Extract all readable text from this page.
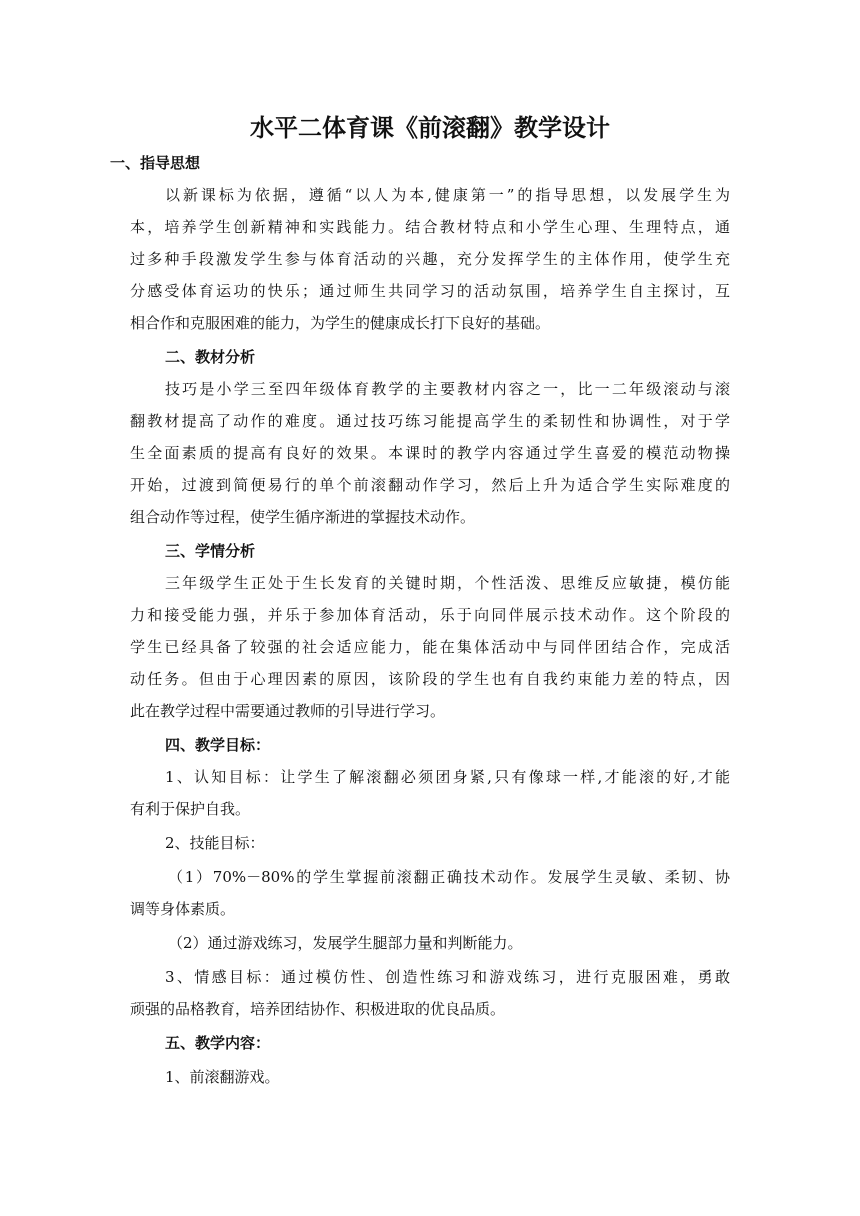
水平二体育课《前滚翻》教学设计
一、指导思想
以新课标为依据，遵循“以人为本,健康第一”的指导思想，以发展学生为
本，培养学生创新精神和实践能力。结合教材特点和小学生心理、生理特点，通
过多种手段激发学生参与体育活动的兴趣，充分发挥学生的主体作用，使学生充
分感受体育运功的快乐；通过师生共同学习的活动氛围，培养学生自主探讨，互
相合作和克服困难的能力，为学生的健康成长打下良好的基础。
二、教材分析
技巧是小学三至四年级体育教学的主要教材内容之一，比一二年级滚动与滚
翻教材提高了动作的难度。通过技巧练习能提高学生的柔韧性和协调性，对于学
生全面素质的提高有良好的效果。本课时的教学内容通过学生喜爱的模范动物操
开始，过渡到简便易行的单个前滚翻动作学习，然后上升为适合学生实际难度的
组合动作等过程，使学生循序渐进的掌握技术动作。
三、学情分析
三年级学生正处于生长发育的关键时期，个性活泼、思维反应敏捷，模仿能
力和接受能力强，并乐于参加体育活动，乐于向同伴展示技术动作。这个阶段的
学生已经具备了较强的社会适应能力，能在集体活动中与同伴团结合作，完成活
动任务。但由于心理因素的原因，该阶段的学生也有自我约束能力差的特点，因
此在教学过程中需要通过教师的引导进行学习。
四、教学目标：
1、认知目标：让学生了解滚翻必须团身紧,只有像球一样,才能滚的好,才能
有利于保护自我。
2、技能目标：
（1）70%－80%的学生掌握前滚翻正确技术动作。发展学生灵敏、柔韧、协
调等身体素质。
（2）通过游戏练习，发展学生腿部力量和判断能力。
3、情感目标：通过模仿性、创造性练习和游戏练习，进行克服困难，勇敢
顽强的品格教育，培养团结协作、积极进取的优良品质。
五、教学内容：
1、前滚翻游戏。
